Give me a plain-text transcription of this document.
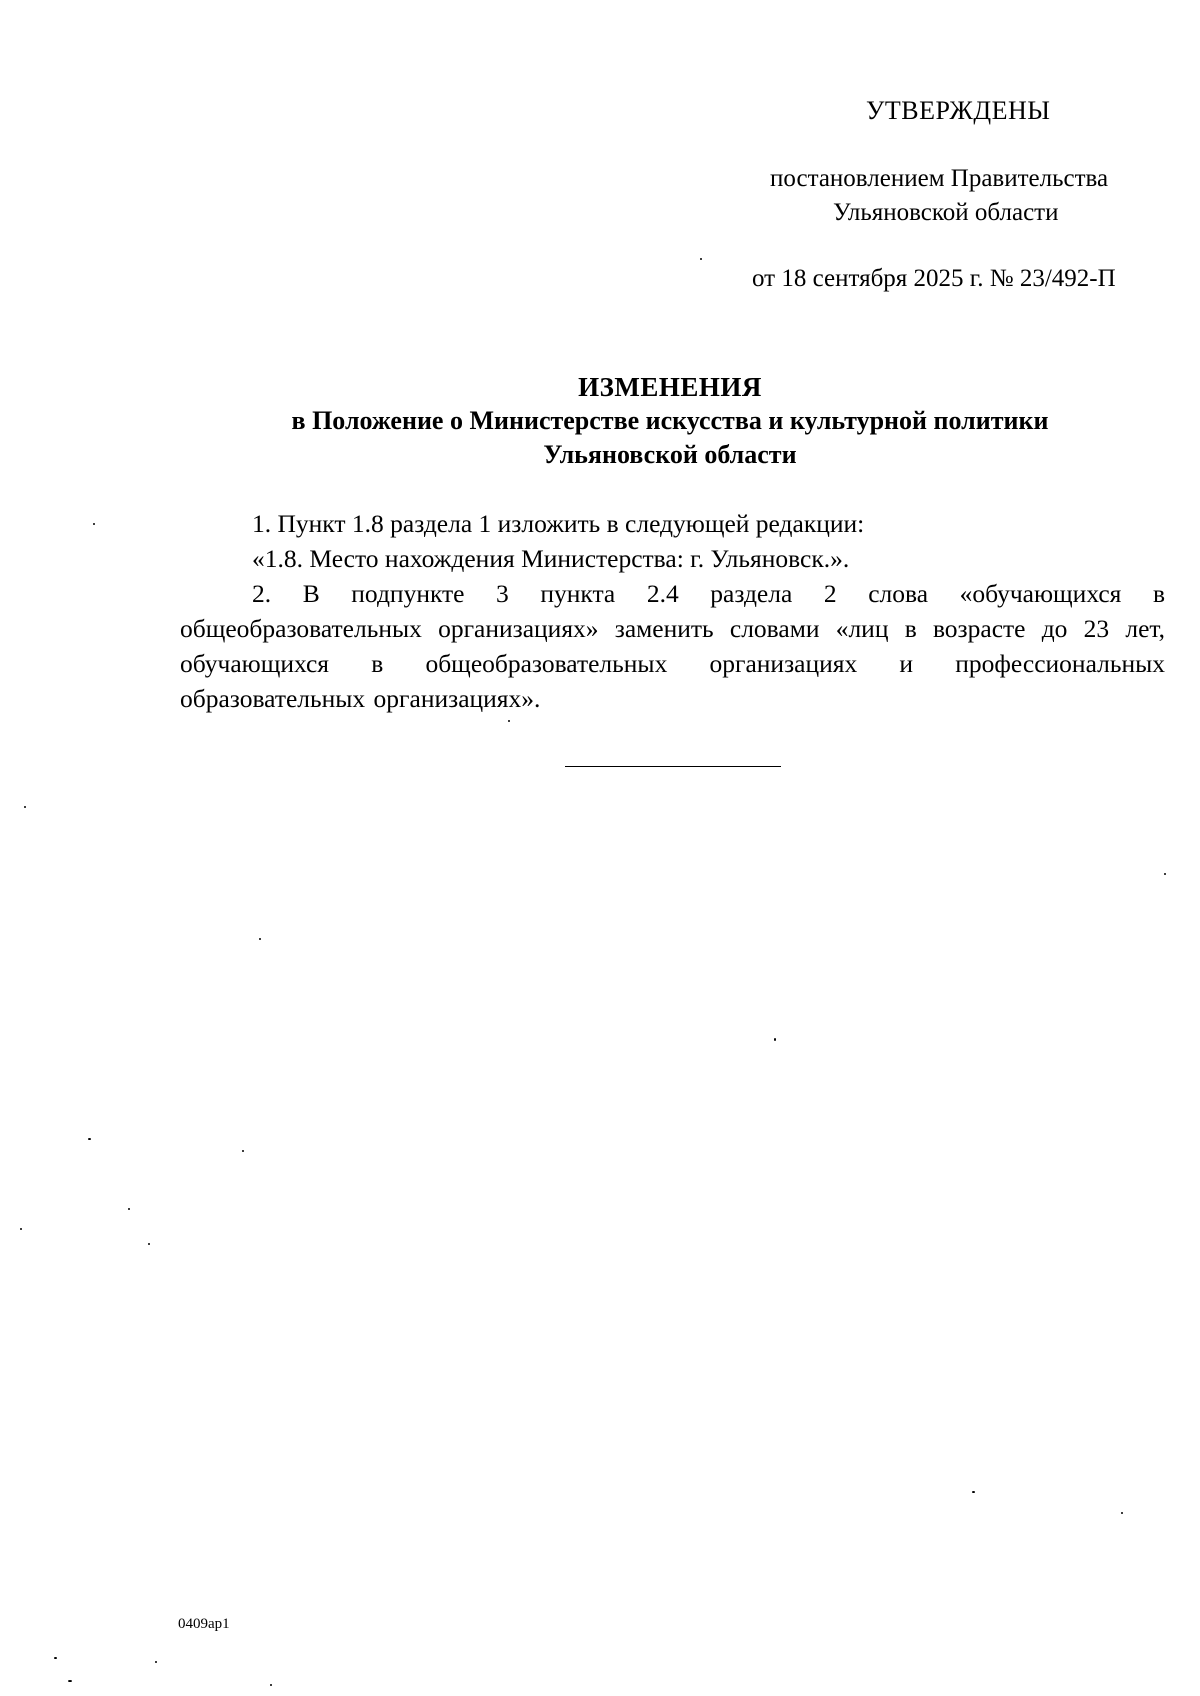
УТВЕРЖДЕНЫ
постановлением Правительства
Ульяновской области
от 18 сентября 2025 г. № 23/492-П
ИЗМЕНЕНИЯ
в Положение о Министерстве искусства и культурной политики
Ульяновской области
1. Пункт 1.8 раздела 1 изложить в следующей редакции:
«1.8. Место нахождения Министерства: г. Ульяновск.».
2. В подпункте 3 пункта 2.4 раздела 2 слова «обучающихся в общеобразовательных организациях» заменить словами «лиц в возрасте до 23 лет, обучающихся в общеобразовательных организациях и профессиональных образовательных организациях».
0409ар1
